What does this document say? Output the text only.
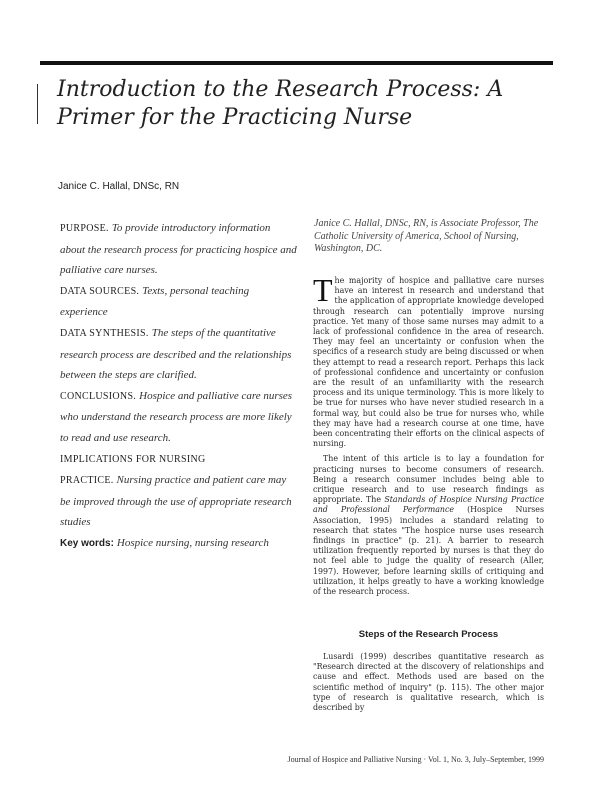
Introduction to the Research Process: A Primer for the Practicing Nurse

Janice C. Hallal, DNSc, RN

PURPOSE. To provide introductory information about the research process for practicing hospice and palliative care nurses.

DATA SOURCES. Texts, personal teaching experience

DATA SYNTHESIS. The steps of the quantitative research process are described and the relationships between the steps are clarified.

CONCLUSIONS. Hospice and palliative care nurses who understand the research process are more likely to read and use research.

IMPLICATIONS FOR NURSING PRACTICE. Nursing practice and patient care may be improved through the use of appropriate research studies

Key words: Hospice nursing, nursing research

Janice C. Hallal, DNSc, RN, is Associate Professor, The Catholic University of America, School of Nursing, Washington, DC.

The majority of hospice and palliative care nurses have an interest in research and understand that the application of appropriate knowledge developed through research can potentially improve nursing practice. Yet many of those same nurses may admit to a lack of professional confidence in the area of research. They may feel an uncertainty or confusion when the specifics of a research study are being discussed or when they attempt to read a research report. Perhaps this lack of professional confidence and uncertainty or confusion are the result of an unfamiliarity with the research process and its unique terminology. This is more likely to be true for nurses who have never studied research in a formal way, but could also be true for nurses who, while they may have had a research course at one time, have been concentrating their efforts on the clinical aspects of nursing.

The intent of this article is to lay a foundation for practicing nurses to become consumers of research. Being a research consumer includes being able to critique research and to use research findings as appropriate. The Standards of Hospice Nursing Practice and Professional Performance (Hospice Nurses Association, 1995) includes a standard relating to research that states "The hospice nurse uses research findings in practice" (p. 21). A barrier to research utilization frequently reported by nurses is that they do not feel able to judge the quality of research (Aller, 1997). However, before learning skills of critiquing and utilization, it helps greatly to have a working knowledge of the research process.

Steps of the Research Process

Lusardi (1999) describes quantitative research as "Research directed at the discovery of relationships and cause and effect. Methods used are based on the scientific method of inquiry" (p. 115). The other major type of research is qualitative research, which is described by

Journal of Hospice and Palliative Nursing · Vol. 1, No. 3, July–September, 1999
